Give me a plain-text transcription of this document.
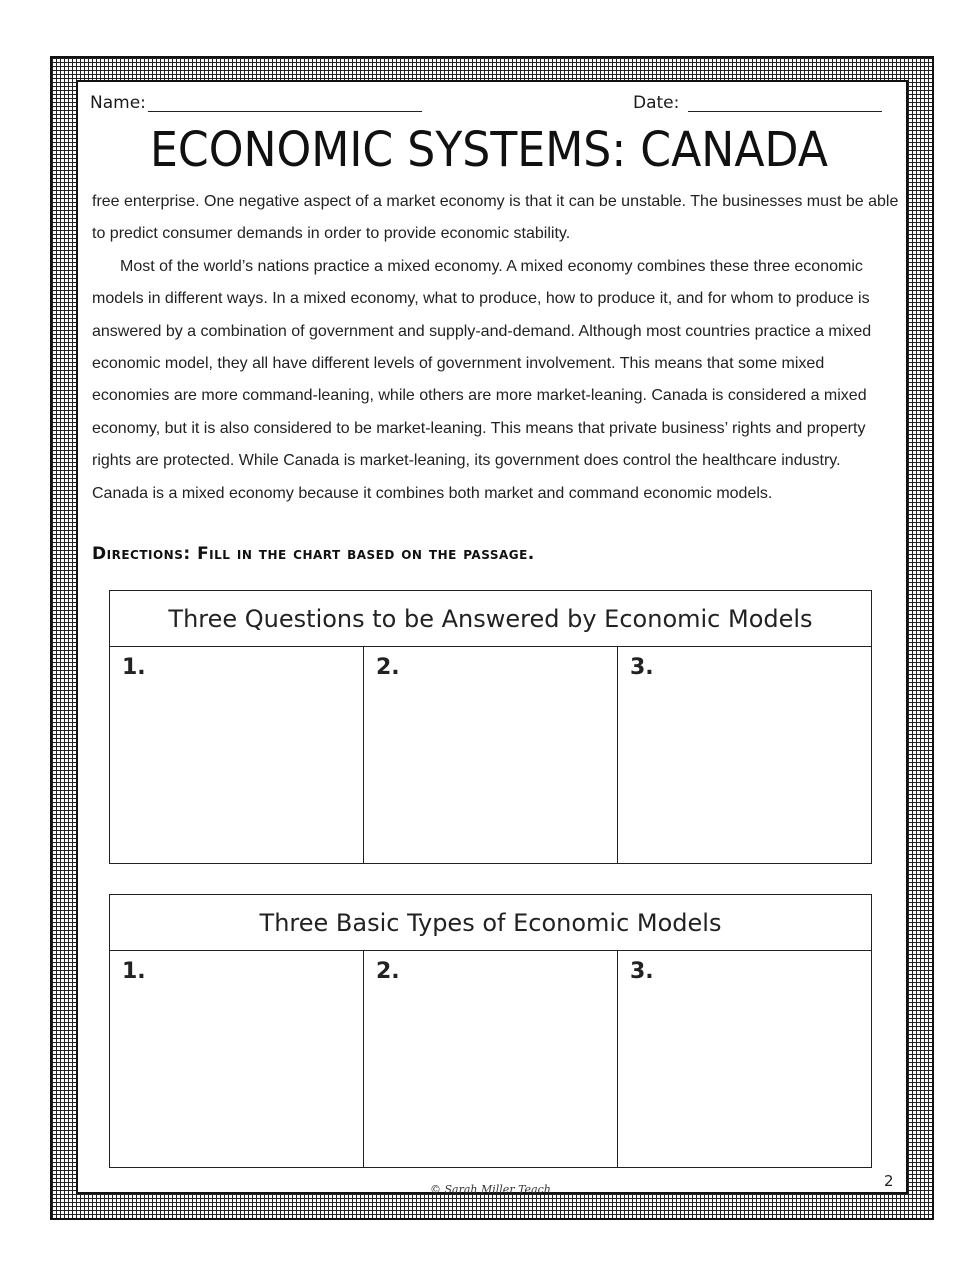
Name:	Date:
ECONOMIC SYSTEMS: CANADA

free enterprise. One negative aspect of a market economy is that it can be unstable. The businesses must be able to predict consumer demands in order to provide economic stability.

Most of the world’s nations practice a mixed economy. A mixed economy combines these three economic models in different ways. In a mixed economy, what to produce, how to produce it, and for whom to produce is answered by a combination of government and supply-and-demand. Although most countries practice a mixed economic model, they all have different levels of government involvement. This means that some mixed economies are more command-leaning, while others are more market-leaning. Canada is considered a mixed economy, but it is also considered to be market-leaning. This means that private business’ rights and property rights are protected. While Canada is market-leaning, its government does control the healthcare industry. Canada is a mixed economy because it combines both market and command economic models.

Directions: Fill in the chart based on the passage.
Three Questions to be Answered by Economic Models
1.	2.	3.
Three Basic Types of Economic Models
1.	2.	3.
© Sarah Miller Teach	2
